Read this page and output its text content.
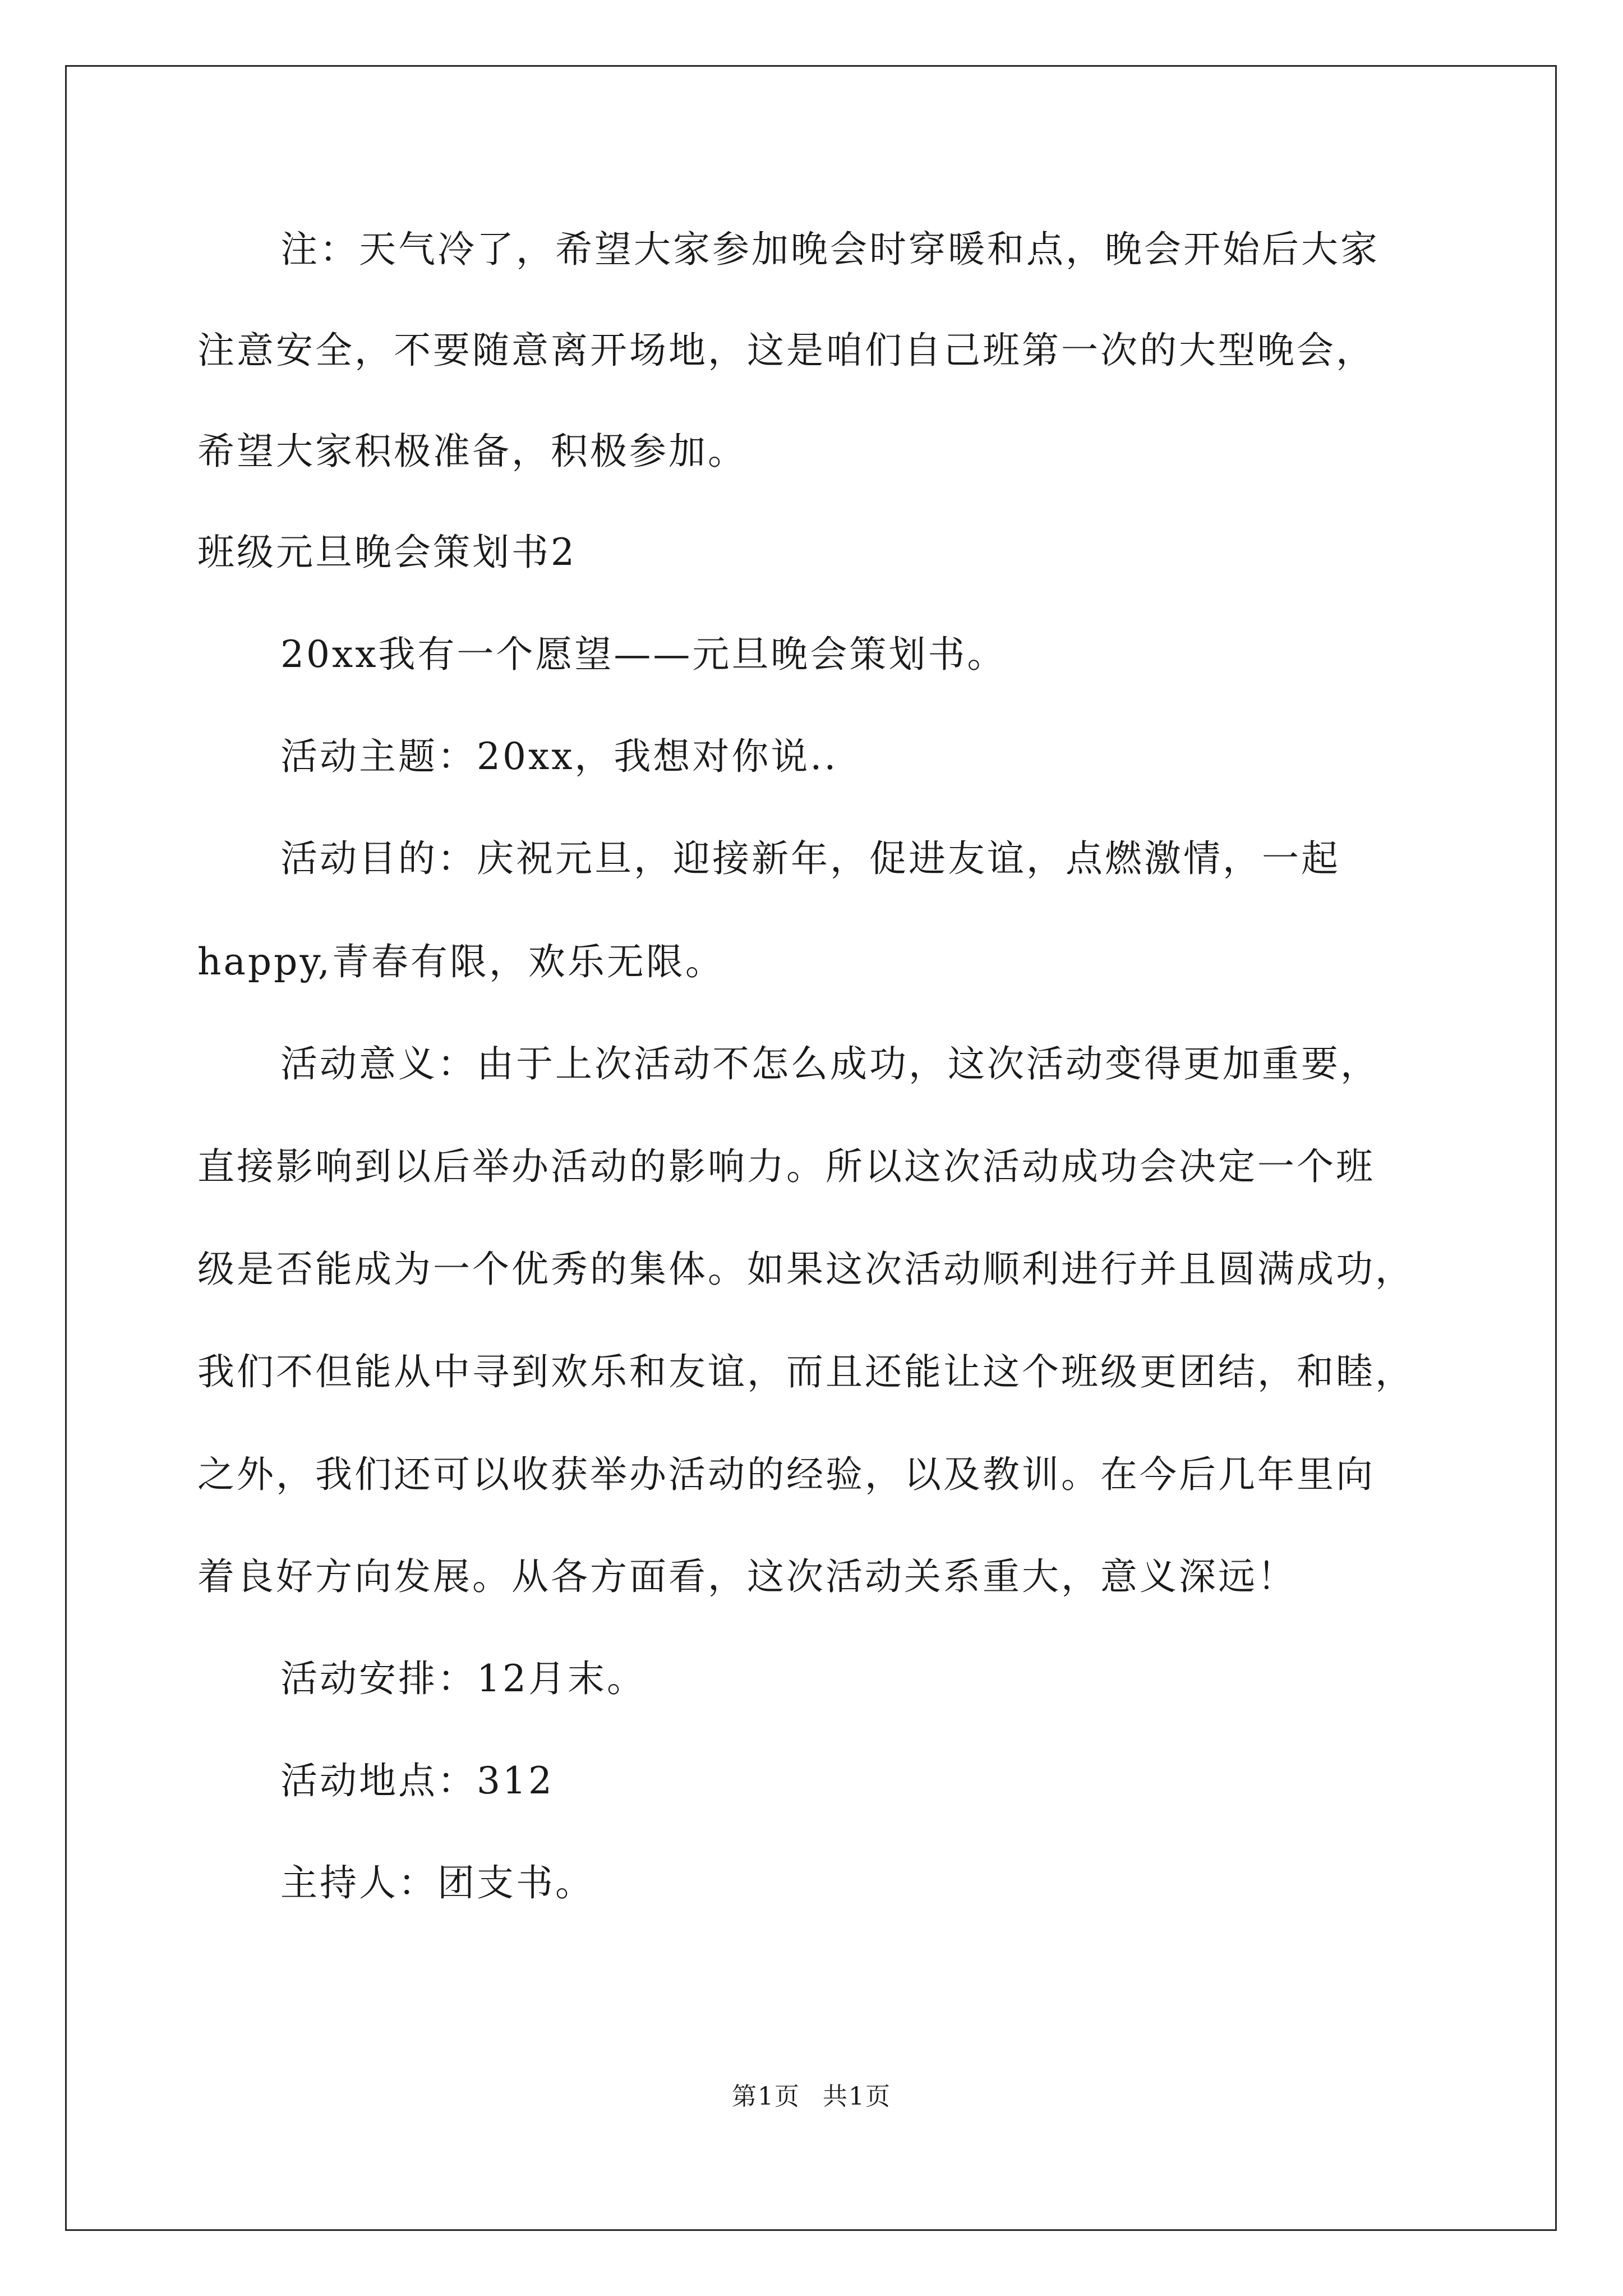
注：天气冷了，希望大家参加晚会时穿暖和点，晚会开始后大家
注意安全，不要随意离开场地，这是咱们自己班第一次的大型晚会，
希望大家积极准备，积极参加。
班级元旦晚会策划书2
20xx我有一个愿望——元旦晚会策划书。
活动主题：20xx，我想对你说..
活动目的：庆祝元旦，迎接新年，促进友谊，点燃激情，一起
happy,青春有限，欢乐无限。
活动意义：由于上次活动不怎么成功，这次活动变得更加重要，
直接影响到以后举办活动的影响力。所以这次活动成功会决定一个班
级是否能成为一个优秀的集体。如果这次活动顺利进行并且圆满成功，
我们不但能从中寻到欢乐和友谊，而且还能让这个班级更团结，和睦，
之外，我们还可以收获举办活动的经验，以及教训。在今后几年里向
着良好方向发展。从各方面看，这次活动关系重大，意义深远！
活动安排：12月末。
活动地点：312
主持人：团支书。
第1页 共1页
